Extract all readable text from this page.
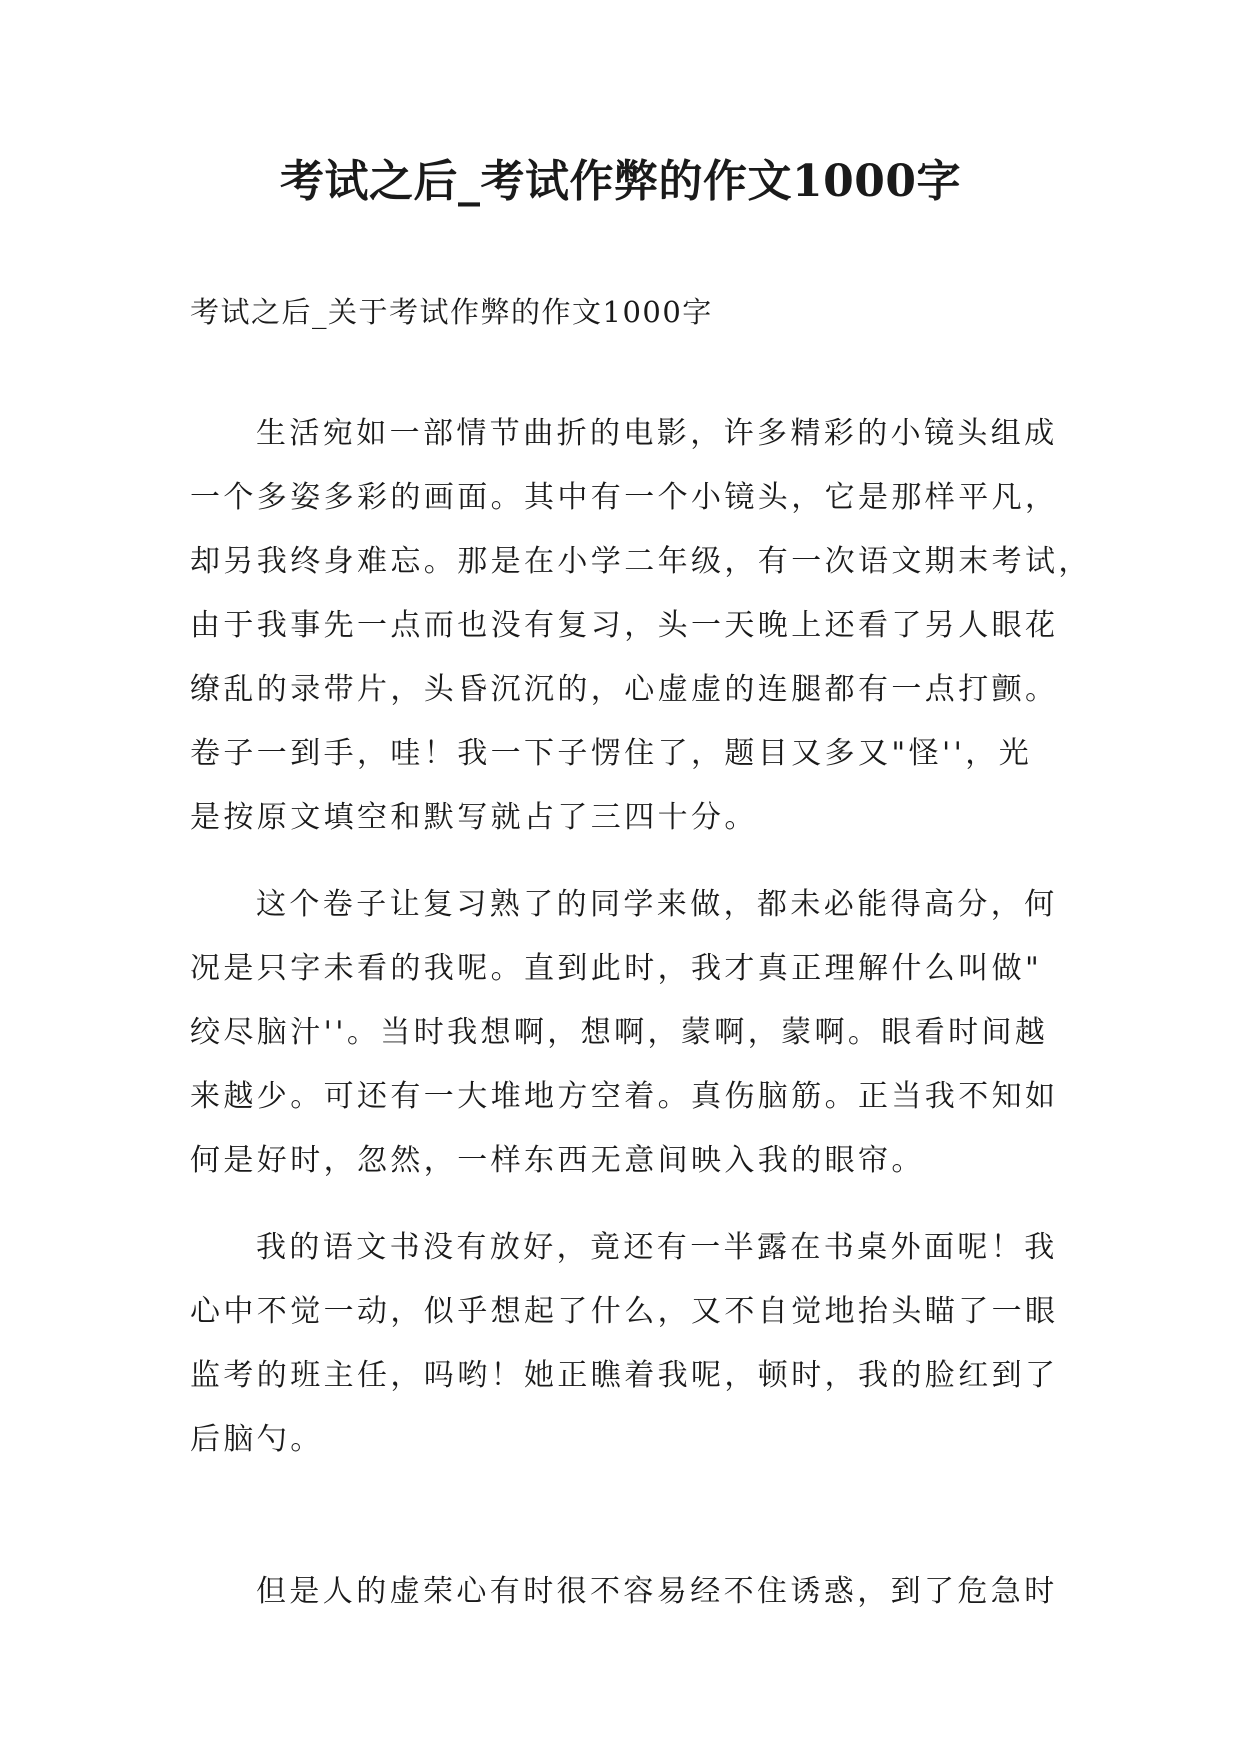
考试之后_考试作弊的作文1000字

考试之后_关于考试作弊的作文1000字

生活宛如一部情节曲折的电影，许多精彩的小镜头组成
一个多姿多彩的画面。其中有一个小镜头，它是那样平凡，
却另我终身难忘。那是在小学二年级，有一次语文期末考试，
由于我事先一点而也没有复习，头一天晚上还看了另人眼花
缭乱的录带片，头昏沉沉的，心虚虚的连腿都有一点打颤。
卷子一到手，哇！我一下子愣住了，题目又多又"怪''，光
是按原文填空和默写就占了三四十分。

这个卷子让复习熟了的同学来做，都未必能得高分，何
况是只字未看的我呢。直到此时，我才真正理解什么叫做"
绞尽脑汁''。当时我想啊，想啊，蒙啊，蒙啊。眼看时间越
来越少。可还有一大堆地方空着。真伤脑筋。正当我不知如
何是好时，忽然，一样东西无意间映入我的眼帘。

我的语文书没有放好，竟还有一半露在书桌外面呢！我
心中不觉一动，似乎想起了什么，又不自觉地抬头瞄了一眼
监考的班主任，吗哟！她正瞧着我呢，顿时，我的脸红到了
后脑勺。

但是人的虚荣心有时很不容易经不住诱惑，到了危急时
